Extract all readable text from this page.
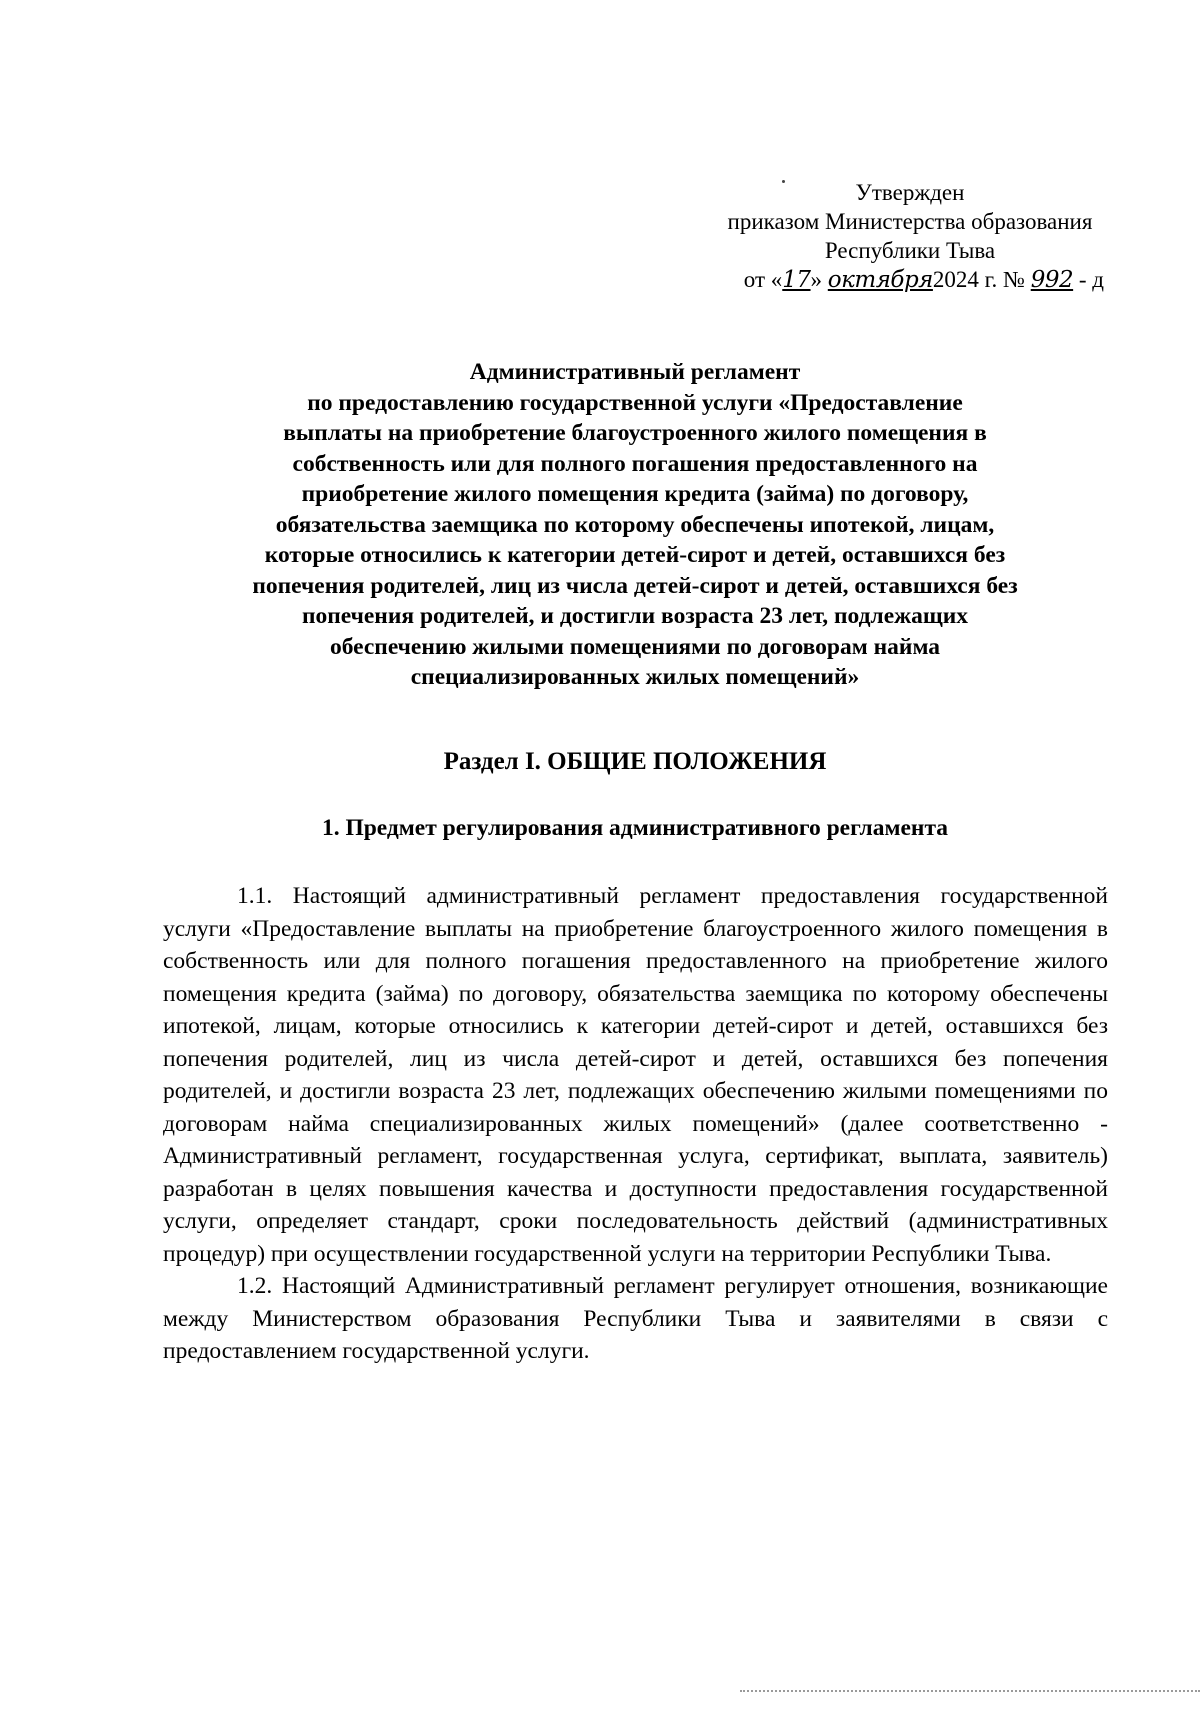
Утвержден
приказом Министерства образования
Республики Тыва
от «17» октября2024 г. № 992 - д
Административный регламент
по предоставлению государственной услуги «Предоставление
выплаты на приобретение благоустроенного жилого помещения в
собственность или для полного погашения предоставленного на
приобретение жилого помещения кредита (займа) по договору,
обязательства заемщика по которому обеспечены ипотекой, лицам,
которые относились к категории детей-сирот и детей, оставшихся без
попечения родителей, лиц из числа детей-сирот и детей, оставшихся без
попечения родителей, и достигли возраста 23 лет, подлежащих
обеспечению жилыми помещениями по договорам найма
специализированных жилых помещений»
Раздел I. ОБЩИЕ ПОЛОЖЕНИЯ
1. Предмет регулирования административного регламента

1.1. Настоящий административный регламент предоставления государственной услуги «Предоставление выплаты на приобретение благоустроенного жилого помещения в собственность или для полного погашения предоставленного на приобретение жилого помещения кредита (займа) по договору, обязательства заемщика по которому обеспечены ипотекой, лицам, которые относились к категории детей-сирот и детей, оставшихся без попечения родителей, лиц из числа детей-сирот и детей, оставшихся без попечения родителей, и достигли возраста 23 лет, подлежащих обеспечению жилыми помещениями по договорам найма специализированных жилых помещений» (далее соответственно - Административный регламент, государственная услуга, сертификат, выплата, заявитель) разработан в целях повышения качества и доступности предоставления государственной услуги, определяет стандарт, сроки последовательность действий (административных процедур) при осуществлении государственной услуги на территории Республики Тыва.

1.2. Настоящий Административный регламент регулирует отношения, возникающие между Министерством образования Республики Тыва и заявителями в связи с предоставлением государственной услуги.
